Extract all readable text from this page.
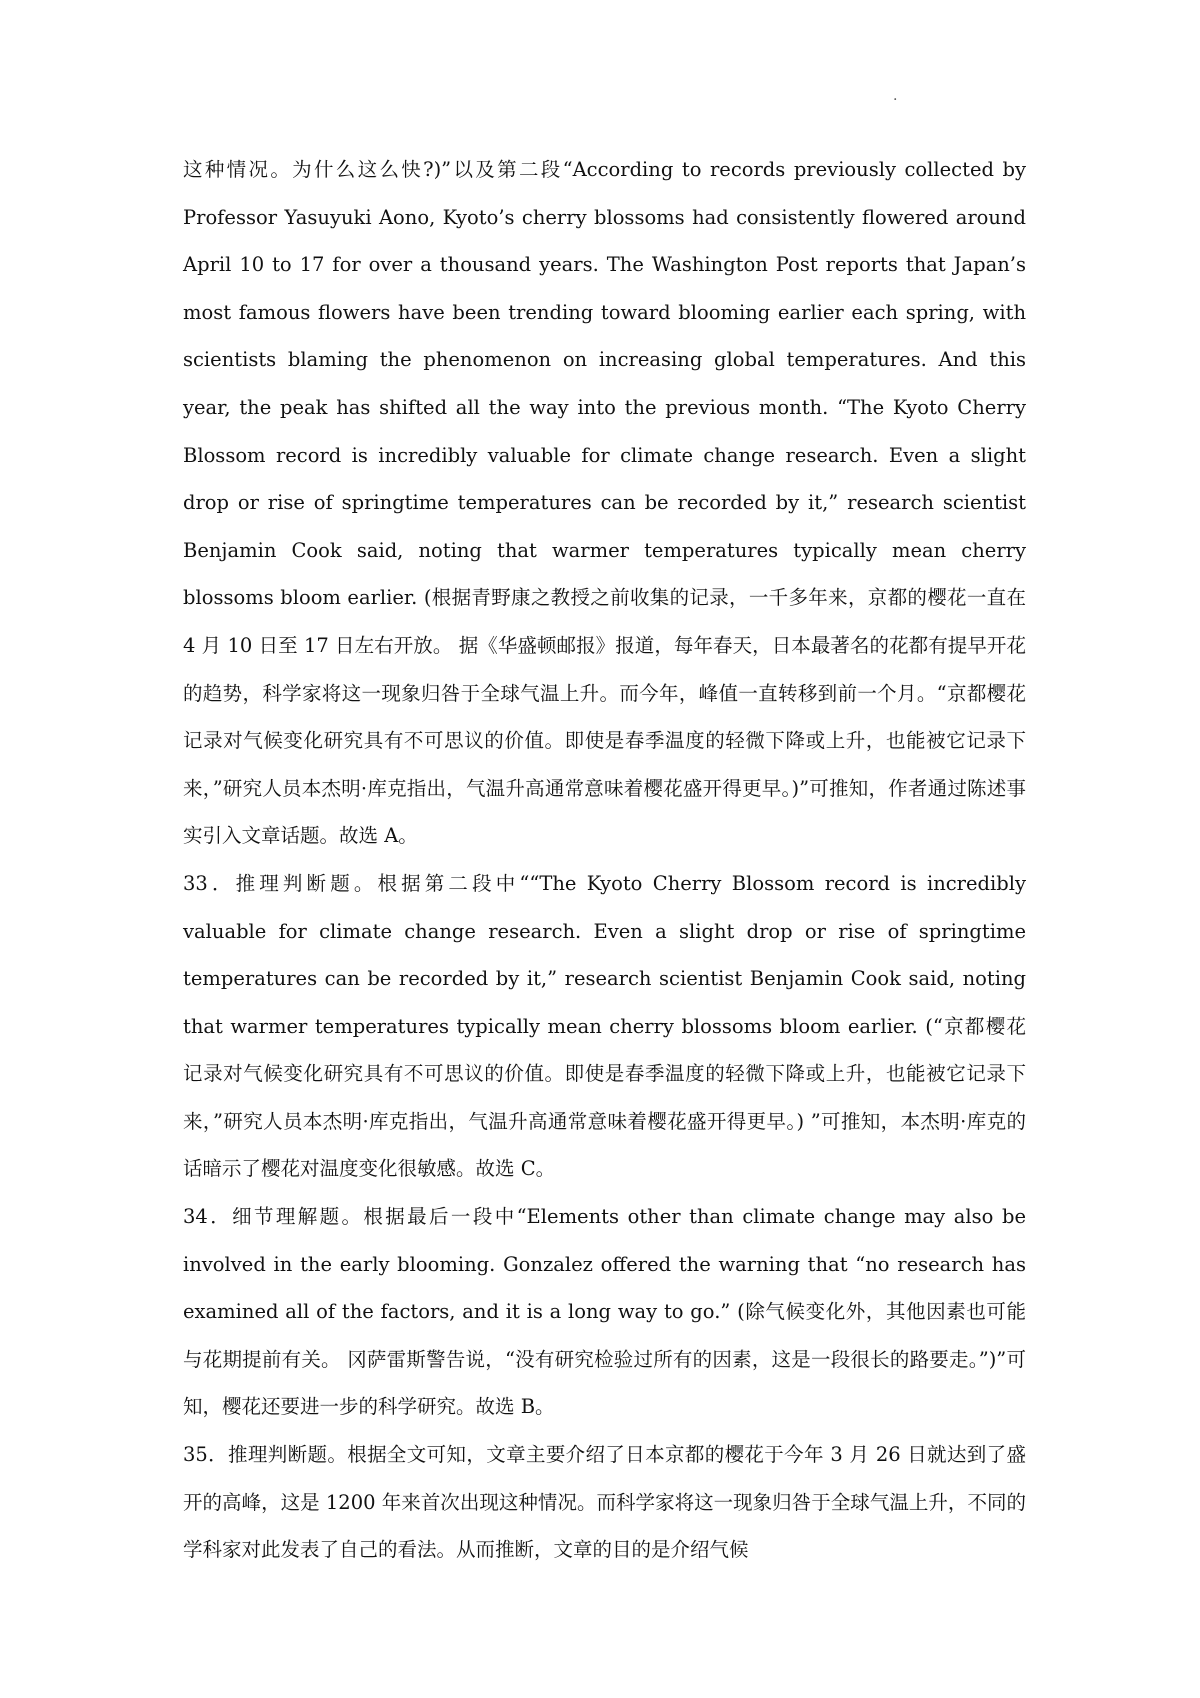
.

这种情况。为什么这么快?)”以及第二段“According to records previously collected by Professor Yasuyuki Aono, Kyoto’s cherry blossoms had consistently flowered around April 10 to 17 for over a thousand years. The Washington Post reports that Japan’s most famous flowers have been trending toward blooming earlier each spring, with scientists blaming the phenomenon on increasing global temperatures. And this year, the peak has shifted all the way into the previous month. “The Kyoto Cherry Blossom record is incredibly valuable for climate change research. Even a slight drop or rise of springtime temperatures can be recorded by it,” research scientist Benjamin Cook said, noting that warmer temperatures typically mean cherry blossoms bloom earlier. (根据青野康之教授之前收集的记录，一千多年来，京都的樱花一直在 4 月 10 日至 17 日左右开放。 据《华盛顿邮报》报道，每年春天，日本最著名的花都有提早开花的趋势，科学家将这一现象归咎于全球气温上升。而今年，峰值一直转移到前一个月。“京都樱花记录对气候变化研究具有不可思议的价值。即使是春季温度的轻微下降或上升，也能被它记录下来，”研究人员本杰明·库克指出，气温升高通常意味着樱花盛开得更早。)”可推知，作者通过陈述事实引入文章话题。故选 A。

33．推理判断题。根据第二段中““The Kyoto Cherry Blossom record is incredibly valuable for climate change research. Even a slight drop or rise of springtime temperatures can be recorded by it,” research scientist Benjamin Cook said, noting that warmer temperatures typically mean cherry blossoms bloom earlier. (“京都樱花记录对气候变化研究具有不可思议的价值。即使是春季温度的轻微下降或上升，也能被它记录下来，”研究人员本杰明·库克指出，气温升高通常意味着樱花盛开得更早。) ”可推知，本杰明·库克的话暗示了樱花对温度变化很敏感。故选 C。

34．细节理解题。根据最后一段中“Elements other than climate change may also be involved in the early blooming. Gonzalez offered the warning that “no research has examined all of the factors, and it is a long way to go.” (除气候变化外，其他因素也可能与花期提前有关。 冈萨雷斯警告说，“没有研究检验过所有的因素，这是一段很长的路要走。”)”可知，樱花还要进一步的科学研究。故选 B。

35．推理判断题。根据全文可知，文章主要介绍了日本京都的樱花于今年 3 月 26 日就达到了盛开的高峰，这是 1200 年来首次出现这种情况。而科学家将这一现象归咎于全球气温上升，不同的学科家对此发表了自己的看法。从而推断，文章的目的是介绍气候
